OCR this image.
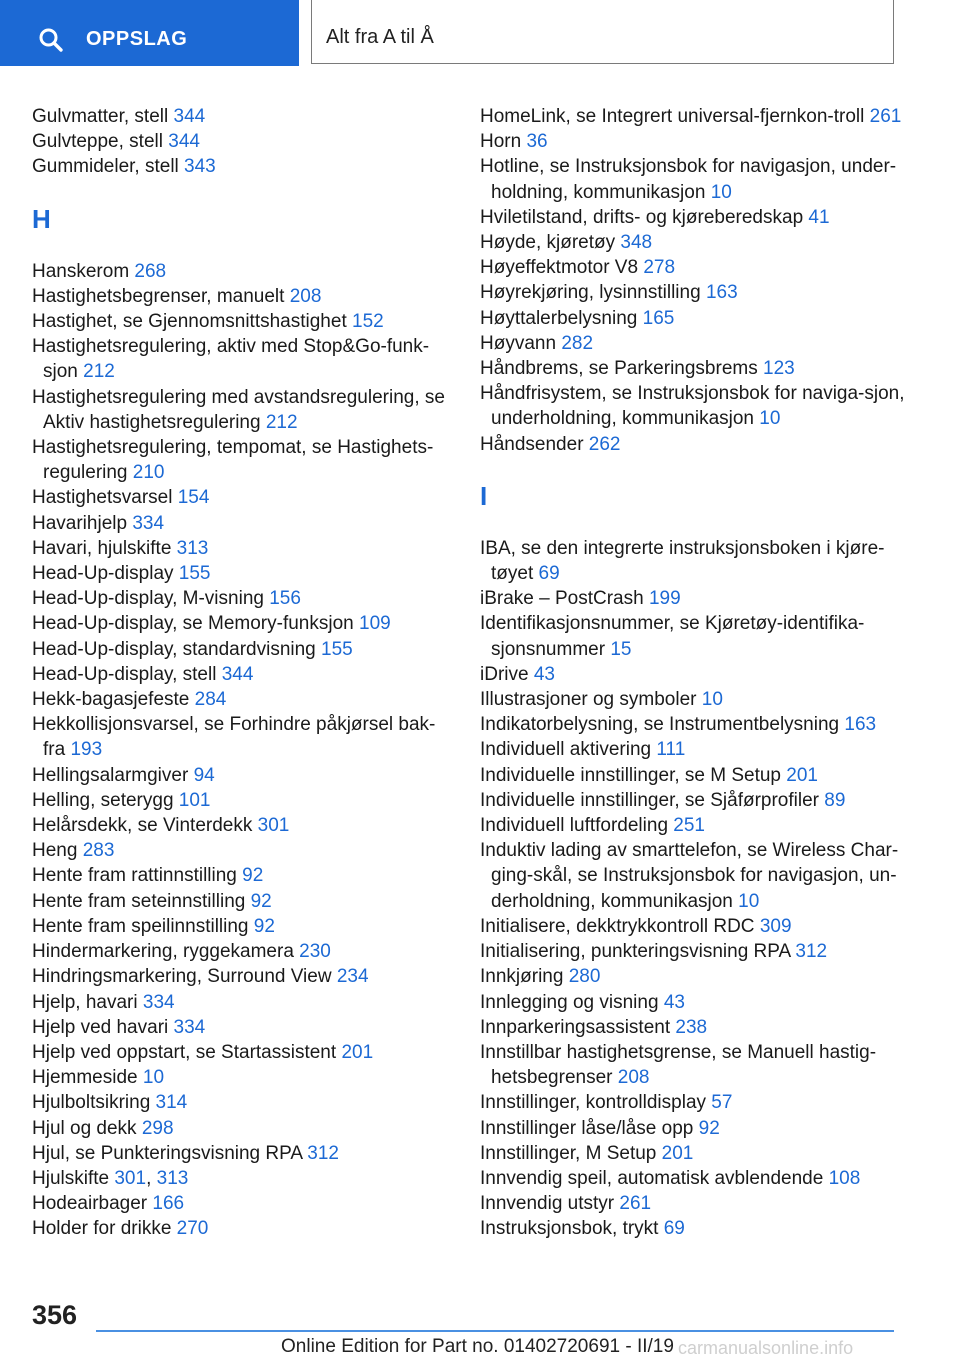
OPPSLAG	Alt fra A til Å
Gulvmatter, stell 344
Gulvteppe, stell 344
Gummideler, stell 343
H
Hanskerom 268
Hastighetsbegrenser, manuelt 208
Hastighet, se Gjennomsnittshastighet 152
Hastighetsregulering, aktiv med Stop&Go-funk-sjon 212
Hastighetsregulering med avstandsregulering, se Aktiv hastighetsregulering 212
Hastighetsregulering, tempomat, se Hastighets-regulering 210
Hastighetsvarsel 154
Havarihjelp 334
Havari, hjulskifte 313
Head-Up-display 155
Head-Up-display, M-visning 156
Head-Up-display, se Memory-funksjon 109
Head-Up-display, standardvisning 155
Head-Up-display, stell 344
Hekk-bagasjefeste 284
Hekkollisjonsvarsel, se Forhindre påkjørsel bak-fra 193
Hellingsalarmgiver 94
Helling, seterygg 101
Helårsdekk, se Vinterdekk 301
Heng 283
Hente fram rattinnstilling 92
Hente fram seteinnstilling 92
Hente fram speilinnstilling 92
Hindermarkering, ryggekamera 230
Hindringsmarkering, Surround View 234
Hjelp, havari 334
Hjelp ved havari 334
Hjelp ved oppstart, se Startassistent 201
Hjemmeside 10
Hjulboltsikring 314
Hjul og dekk 298
Hjul, se Punkteringsvisning RPA 312
Hjulskifte 301, 313
Hodeairbager 166
Holder for drikke 270
HomeLink, se Integrert universal-fjernkon-troll 261
Horn 36
Hotline, se Instruksjonsbok for navigasjon, under-holdning, kommunikasjon 10
Hviletilstand, drifts- og kjøreberedskap 41
Høyde, kjøretøy 348
Høyeffektmotor V8 278
Høyrekjøring, lysinnstilling 163
Høyttalerbelysning 165
Høyvann 282
Håndbrems, se Parkeringsbrems 123
Håndfrisystem, se Instruksjonsbok for naviga-sjon, underholdning, kommunikasjon 10
Håndsender 262
I
IBA, se den integrerte instruksjonsboken i kjøre-tøyet 69
iBrake – PostCrash 199
Identifikasjonsnummer, se Kjøretøy-identifika-sjonsnummer 15
iDrive 43
Illustrasjoner og symboler 10
Indikatorbelysning, se Instrumentbelysning 163
Individuell aktivering 111
Individuelle innstillinger, se M Setup 201
Individuelle innstillinger, se Sjåførprofiler 89
Individuell luftfordeling 251
Induktiv lading av smarttelefon, se Wireless Char-ging-skål, se Instruksjonsbok for navigasjon, un-derholdning, kommunikasjon 10
Initialisere, dekktrykkontroll RDC 309
Initialisering, punkteringsvisning RPA 312
Innkjøring 280
Innlegging og visning 43
Innparkeringsassistent 238
Innstillbar hastighetsgrense, se Manuell hastig-hetsbegrenser 208
Innstillinger, kontrolldisplay 57
Innstillinger låse/låse opp 92
Innstillinger, M Setup 201
Innvendig speil, automatisk avblendende 108
Innvendig utstyr 261
Instruksjonsbok, trykt 69
356
Online Edition for Part no. 01402720691 - II/19 carmanualsonline.info
